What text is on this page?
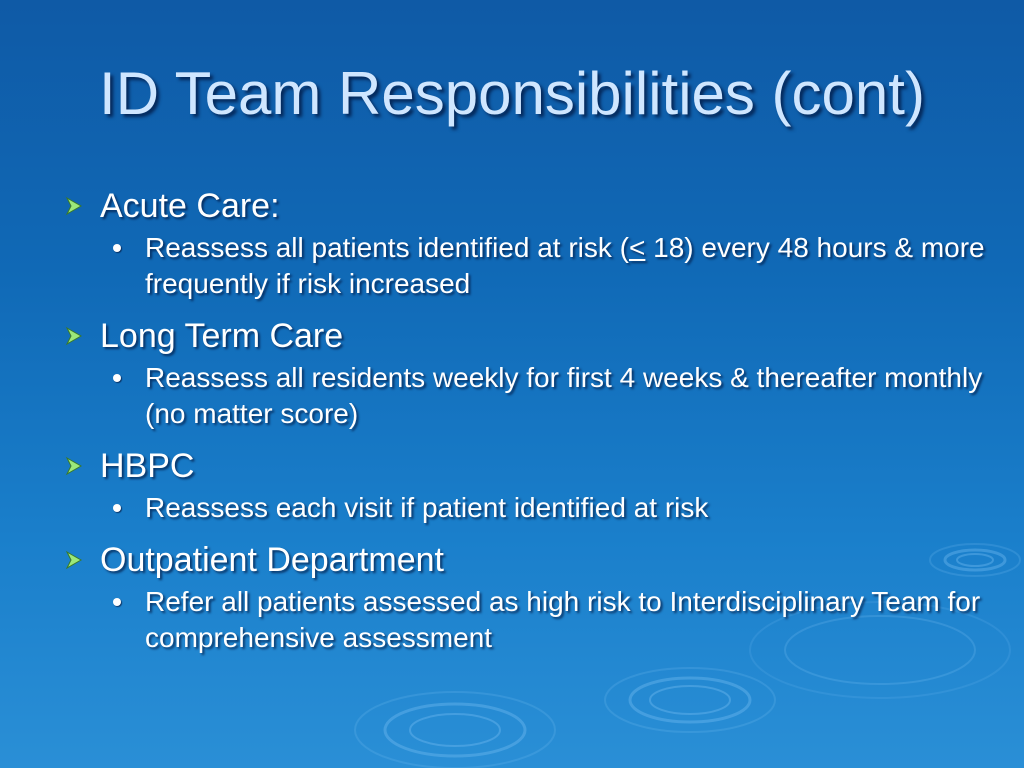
ID Team Responsibilities (cont)
Acute Care:
Reassess all patients identified at risk (≤ 18) every 48 hours & more frequently if risk increased
Long Term Care
Reassess all residents weekly for first 4 weeks & thereafter monthly (no matter score)
HBPC
Reassess each visit if patient identified at risk
Outpatient Department
Refer all patients assessed as high risk to Interdisciplinary Team for comprehensive assessment
